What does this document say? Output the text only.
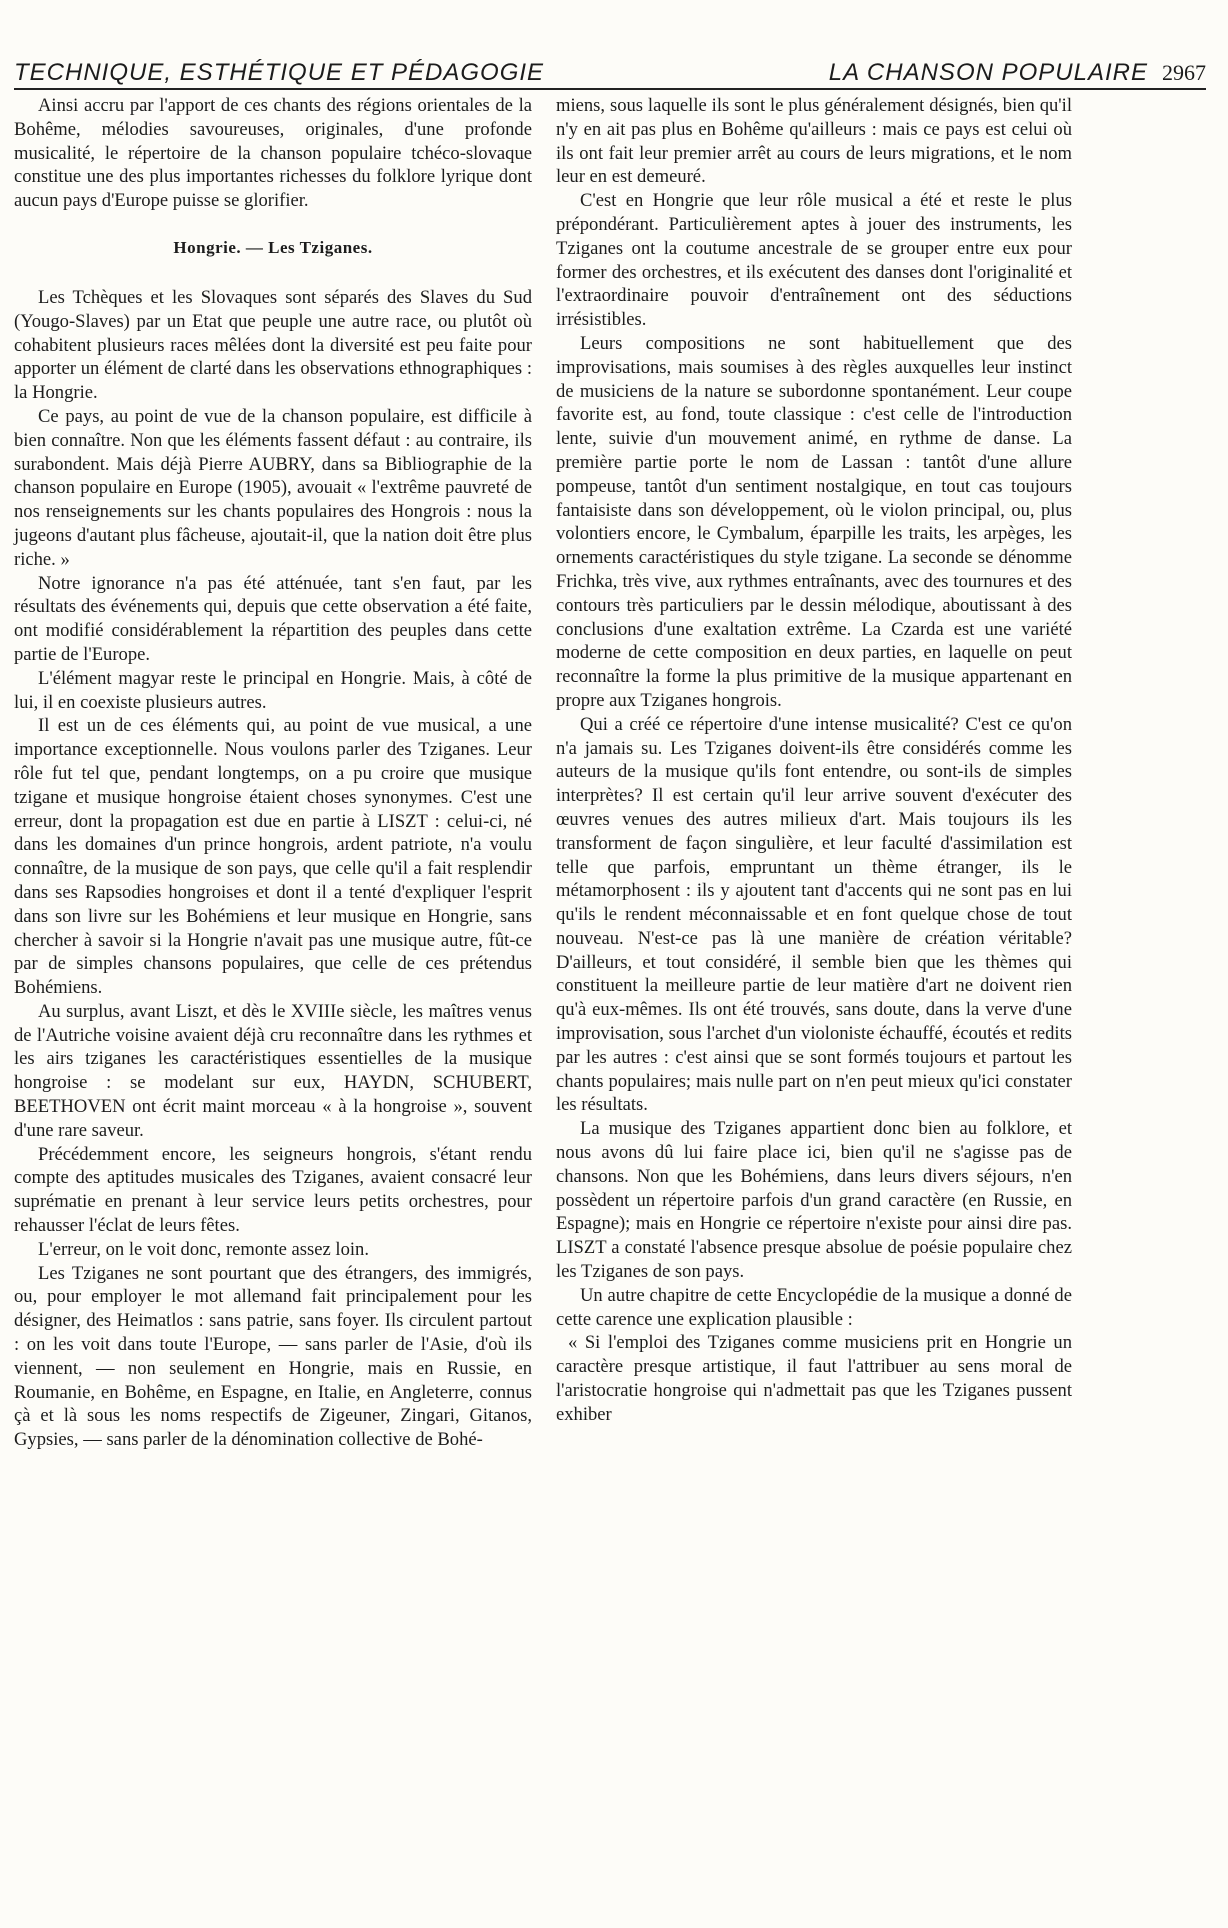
TECHNIQUE, ESTHÉTIQUE ET PÉDAGOGIE	LA CHANSON POPULAIRE 2967

Ainsi accru par l'apport de ces chants des régions orientales de la Bohême, mélodies savoureuses, originales, d'une profonde musicalité, le répertoire de la chanson populaire tchéco-slovaque constitue une des plus importantes richesses du folklore lyrique dont aucun pays d'Europe puisse se glorifier.

Hongrie. — Les Tziganes.

Les Tchèques et les Slovaques sont séparés des Slaves du Sud (Yougo-Slaves) par un Etat que peuple une autre race, ou plutôt où cohabitent plusieurs races mêlées dont la diversité est peu faite pour apporter un élément de clarté dans les observations ethnographiques : la Hongrie.

Ce pays, au point de vue de la chanson populaire, est difficile à bien connaître. Non que les éléments fassent défaut : au contraire, ils surabondent. Mais déjà Pierre AUBRY, dans sa Bibliographie de la chanson populaire en Europe (1905), avouait « l'extrême pauvreté de nos renseignements sur les chants populaires des Hongrois : nous la jugeons d'autant plus fâcheuse, ajoutait-il, que la nation doit être plus riche. »

Notre ignorance n'a pas été atténuée, tant s'en faut, par les résultats des événements qui, depuis que cette observation a été faite, ont modifié considérablement la répartition des peuples dans cette partie de l'Europe.

L'élément magyar reste le principal en Hongrie. Mais, à côté de lui, il en coexiste plusieurs autres.

Il est un de ces éléments qui, au point de vue musical, a une importance exceptionnelle. Nous voulons parler des Tziganes. Leur rôle fut tel que, pendant longtemps, on a pu croire que musique tzigane et musique hongroise étaient choses synonymes. C'est une erreur, dont la propagation est due en partie à LISZT : celui-ci, né dans les domaines d'un prince hongrois, ardent patriote, n'a voulu connaître, de la musique de son pays, que celle qu'il a fait resplendir dans ses Rapsodies hongroises et dont il a tenté d'expliquer l'esprit dans son livre sur les Bohémiens et leur musique en Hongrie, sans chercher à savoir si la Hongrie n'avait pas une musique autre, fût-ce par de simples chansons populaires, que celle de ces prétendus Bohémiens.

Au surplus, avant Liszt, et dès le XVIIIe siècle, les maîtres venus de l'Autriche voisine avaient déjà cru reconnaître dans les rythmes et les airs tziganes les caractéristiques essentielles de la musique hongroise : se modelant sur eux, HAYDN, SCHUBERT, BEETHOVEN ont écrit maint morceau « à la hongroise », souvent d'une rare saveur.

Précédemment encore, les seigneurs hongrois, s'étant rendu compte des aptitudes musicales des Tziganes, avaient consacré leur suprématie en prenant à leur service leurs petits orchestres, pour rehausser l'éclat de leurs fêtes.

L'erreur, on le voit donc, remonte assez loin.

Les Tziganes ne sont pourtant que des étrangers, des immigrés, ou, pour employer le mot allemand fait principalement pour les désigner, des Heimatlos : sans patrie, sans foyer. Ils circulent partout : on les voit dans toute l'Europe, — sans parler de l'Asie, d'où ils viennent, — non seulement en Hongrie, mais en Russie, en Roumanie, en Bohême, en Espagne, en Italie, en Angleterre, connus çà et là sous les noms respectifs de Zigeuner, Zingari, Gitanos, Gypsies, — sans parler de la dénomination collective de Bohé-

miens, sous laquelle ils sont le plus généralement désignés, bien qu'il n'y en ait pas plus en Bohême qu'ailleurs : mais ce pays est celui où ils ont fait leur premier arrêt au cours de leurs migrations, et le nom leur en est demeuré.

C'est en Hongrie que leur rôle musical a été et reste le plus prépondérant. Particulièrement aptes à jouer des instruments, les Tziganes ont la coutume ancestrale de se grouper entre eux pour former des orchestres, et ils exécutent des danses dont l'originalité et l'extraordinaire pouvoir d'entraînement ont des séductions irrésistibles.

Leurs compositions ne sont habituellement que des improvisations, mais soumises à des règles auxquelles leur instinct de musiciens de la nature se subordonne spontanément. Leur coupe favorite est, au fond, toute classique : c'est celle de l'introduction lente, suivie d'un mouvement animé, en rythme de danse. La première partie porte le nom de Lassan : tantôt d'une allure pompeuse, tantôt d'un sentiment nostalgique, en tout cas toujours fantaisiste dans son développement, où le violon principal, ou, plus volontiers encore, le Cymbalum, éparpille les traits, les arpèges, les ornements caractéristiques du style tzigane. La seconde se dénomme Frichka, très vive, aux rythmes entraînants, avec des tournures et des contours très particuliers par le dessin mélodique, aboutissant à des conclusions d'une exaltation extrême. La Czarda est une variété moderne de cette composition en deux parties, en laquelle on peut reconnaître la forme la plus primitive de la musique appartenant en propre aux Tziganes hongrois.

Qui a créé ce répertoire d'une intense musicalité? C'est ce qu'on n'a jamais su. Les Tziganes doivent-ils être considérés comme les auteurs de la musique qu'ils font entendre, ou sont-ils de simples interprètes? Il est certain qu'il leur arrive souvent d'exécuter des œuvres venues des autres milieux d'art. Mais toujours ils les transforment de façon singulière, et leur faculté d'assimilation est telle que parfois, empruntant un thème étranger, ils le métamorphosent : ils y ajoutent tant d'accents qui ne sont pas en lui qu'ils le rendent méconnaissable et en font quelque chose de tout nouveau. N'est-ce pas là une manière de création véritable? D'ailleurs, et tout considéré, il semble bien que les thèmes qui constituent la meilleure partie de leur matière d'art ne doivent rien qu'à eux-mêmes. Ils ont été trouvés, sans doute, dans la verve d'une improvisation, sous l'archet d'un violoniste échauffé, écoutés et redits par les autres : c'est ainsi que se sont formés toujours et partout les chants populaires; mais nulle part on n'en peut mieux qu'ici constater les résultats.

La musique des Tziganes appartient donc bien au folklore, et nous avons dû lui faire place ici, bien qu'il ne s'agisse pas de chansons. Non que les Bohémiens, dans leurs divers séjours, n'en possèdent un répertoire parfois d'un grand caractère (en Russie, en Espagne); mais en Hongrie ce répertoire n'existe pour ainsi dire pas. LISZT a constaté l'absence presque absolue de poésie populaire chez les Tziganes de son pays.

Un autre chapitre de cette Encyclopédie de la musique a donné de cette carence une explication plausible :

« Si l'emploi des Tziganes comme musiciens prit en Hongrie un caractère presque artistique, il faut l'attribuer au sens moral de l'aristocratie hongroise qui n'admettait pas que les Tziganes pussent exhiber
